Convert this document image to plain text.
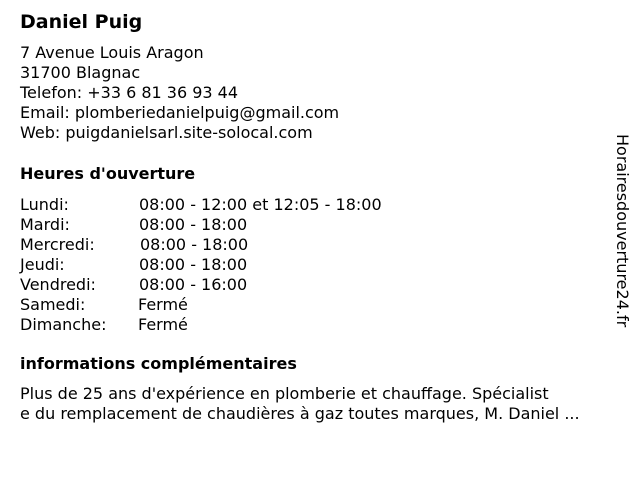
Daniel Puig
7 Avenue Louis Aragon
31700 Blagnac
Telefon: +33 6 81 36 93 44
Email: plomberiedanielpuig@gmail.com
Web: puigdanielsarl.site-solocal.com
Heures d'ouverture
Lundi:	08:00 - 12:00 et 12:05 - 18:00
Mardi:	08:00 - 18:00
Mercredi:	08:00 - 18:00
Jeudi:	08:00 - 18:00
Vendredi:	08:00 - 16:00
Samedi:	Fermé
Dimanche: Fermé
informations complémentaires
Plus de 25 ans d'expérience en plomberie et chauffage. Spécialist
e du remplacement de chaudières à gaz toutes marques, M. Daniel ...
Horairesdouverture24.fr
